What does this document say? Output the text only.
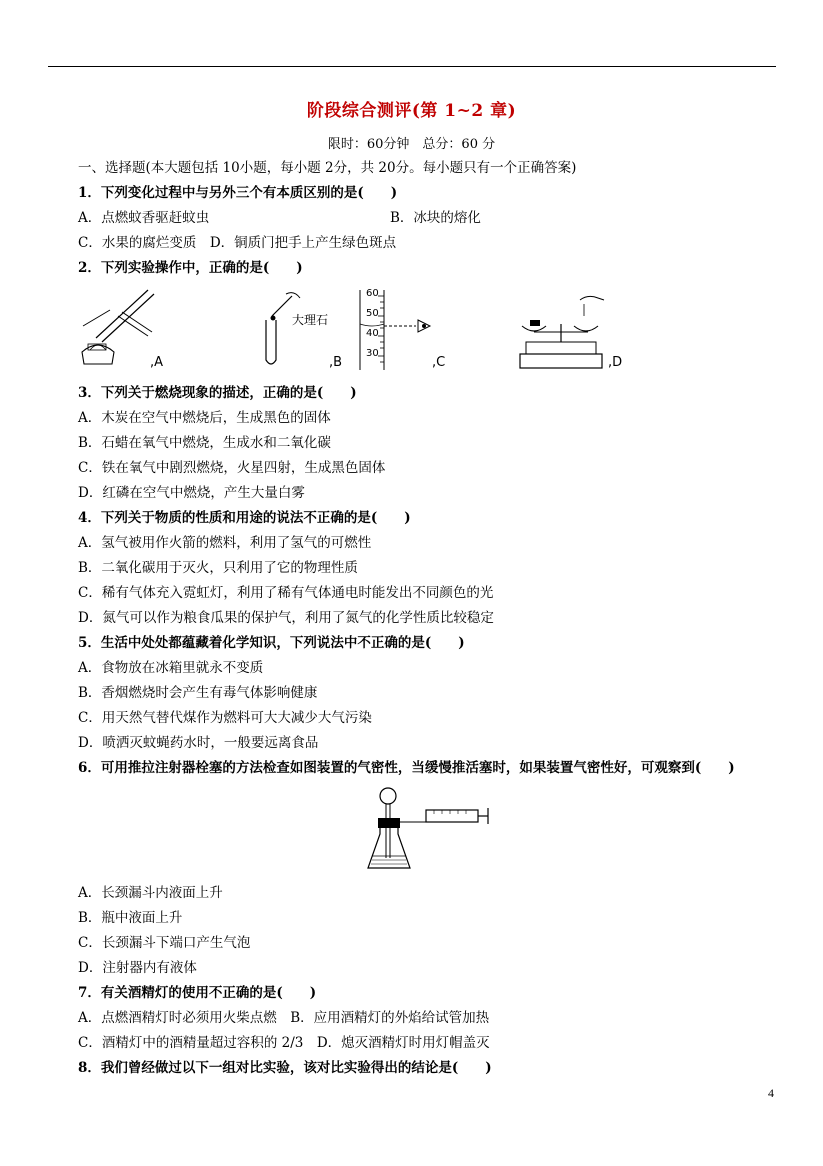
阶段综合测评(第 1~2 章)
限时：60分钟　总分：60 分
一、选择题(本大题包括 10小题，每小题 2分，共 20分。每小题只有一个正确答案)
1．下列变化过程中与另外三个有本质区别的是(　　)
A．点燃蚊香驱赶蚊虫	B．冰块的熔化
C．水果的腐烂变质　D．铜质门把手上产生绿色斑点
2．下列实验操作中，正确的是(　　)
,A
大理石
,B
60
50
40
30
,C	,D
3．下列关于燃烧现象的描述，正确的是(　　)
A．木炭在空气中燃烧后，生成黑色的固体
B．石蜡在氧气中燃烧，生成水和二氧化碳
C．铁在氧气中剧烈燃烧，火星四射，生成黑色固体
D．红磷在空气中燃烧，产生大量白雾
4．下列关于物质的性质和用途的说法不正确的是(　　)
A．氢气被用作火箭的燃料，利用了氢气的可燃性
B．二氧化碳用于灭火，只利用了它的物理性质
C．稀有气体充入霓虹灯，利用了稀有气体通电时能发出不同颜色的光
D．氮气可以作为粮食瓜果的保护气，利用了氮气的化学性质比较稳定
5．生活中处处都蕴藏着化学知识，下列说法中不正确的是(　　)
A．食物放在冰箱里就永不变质
B．香烟燃烧时会产生有毒气体影响健康
C．用天然气替代煤作为燃料可大大减少大气污染
D．喷洒灭蚊蝇药水时，一般要远离食品
6．可用推拉注射器栓塞的方法检查如图装置的气密性，当缓慢推活塞时，如果装置气密性好，可观察到(　　)
A．长颈漏斗内液面上升
B．瓶中液面上升
C．长颈漏斗下端口产生气泡
D．注射器内有液体
7．有关酒精灯的使用不正确的是(　　)
A．点燃酒精灯时必须用火柴点燃　B．应用酒精灯的外焰给试管加热
C．酒精灯中的酒精量超过容积的 2/3　D．熄灭酒精灯时用灯帽盖灭
8．我们曾经做过以下一组对比实验，该对比实验得出的结论是(　　)
4
